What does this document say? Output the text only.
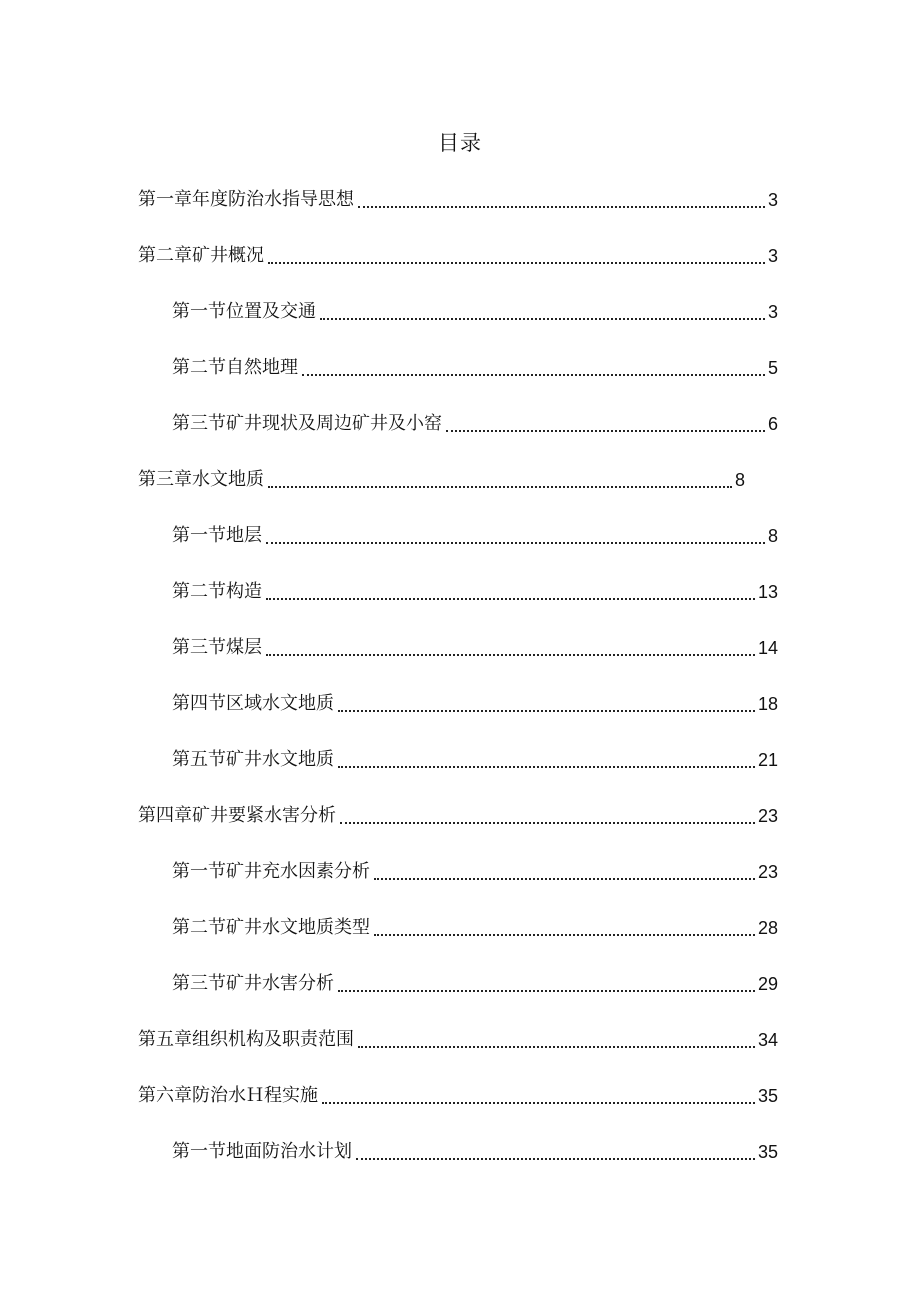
目录
第一章年度防治水指导思想	3
第二章矿井概况	3
第一节位置及交通	3
第二节自然地理	5
第三节矿井现状及周边矿井及小窑	6
第三章水文地质	8
第一节地层	8
第二节构造	13
第三节煤层	14
第四节区域水文地质	18
第五节矿井水文地质	21
第四章矿井要紧水害分析	23
第一节矿井充水因素分析	23
第二节矿井水文地质类型	28
第三节矿井水害分析	29
第五章组织机构及职责范围	34
第六章防治水Ｈ程实施	35
第一节地面防治水计划	35
